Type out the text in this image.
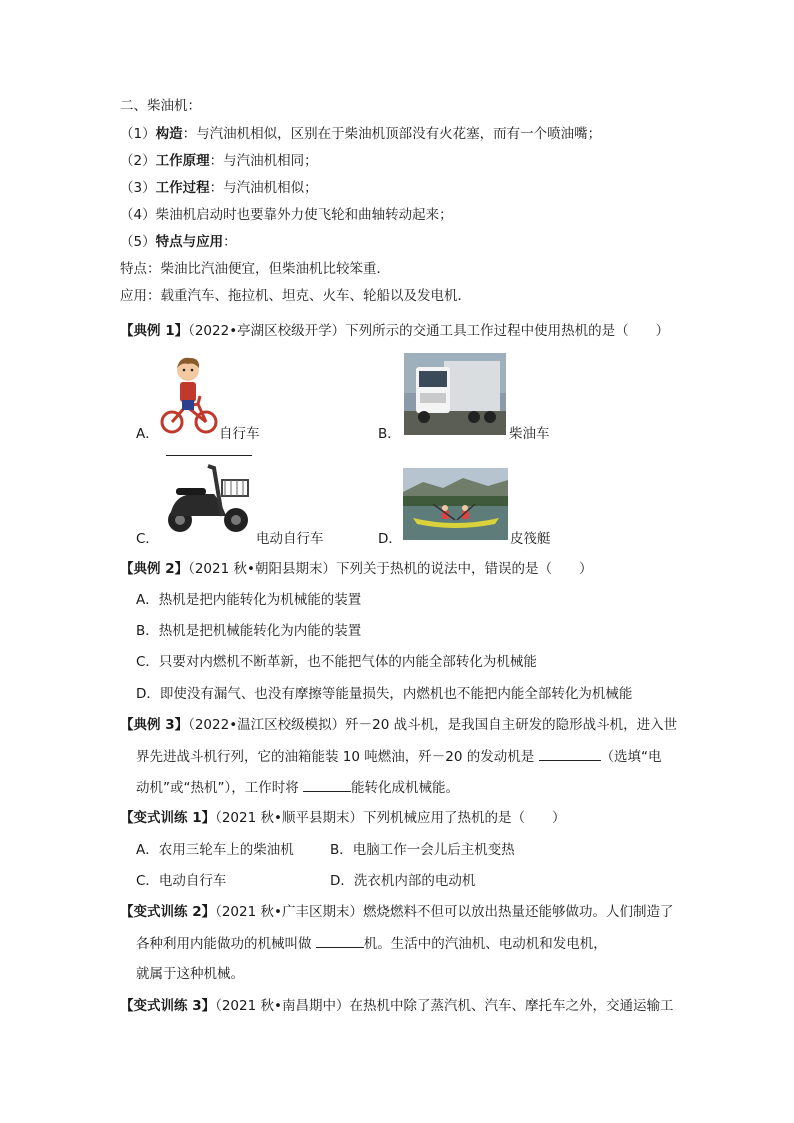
二、柴油机：
（1）构造：与汽油机相似，区别在于柴油机顶部没有火花塞，而有一个喷油嘴；
（2）工作原理：与汽油机相同；
（3）工作过程：与汽油机相似；
（4）柴油机启动时也要靠外力使飞轮和曲轴转动起来；
（5）特点与应用：
特点：柴油比汽油便宜，但柴油机比较笨重．
应用：载重汽车、拖拉机、坦克、火车、轮船以及发电机．
【典例 1】（2022•亭湖区校级开学）下列所示的交通工具工作过程中使用热机的是（　　）
A．	自行车	B．	柴油车
C．	电动自行车	D．	皮筏艇
【典例 2】（2021 秋•朝阳县期末）下列关于热机的说法中，错误的是（　　）
A．热机是把内能转化为机械能的装置
B．热机是把机械能转化为内能的装置
C．只要对内燃机不断革新，也不能把气体的内能全部转化为机械能
D．即使没有漏气、也没有摩擦等能量损失，内燃机也不能把内能全部转化为机械能
【典例 3】（2022•温江区校级模拟）歼－20 战斗机，是我国自主研发的隐形战斗机，进入世
界先进战斗机行列，它的油箱能装 10 吨燃油，歼－20 的发动机是	（选填“电
动机”或“热机”），工作时将	能转化成机械能。
【变式训练 1】（2021 秋•顺平县期末）下列机械应用了热机的是（　　）
A．农用三轮车上的柴油机	B．电脑工作一会儿后主机变热
C．电动自行车	D．洗衣机内部的电动机
【变式训练 2】（2021 秋•广丰区期末）燃烧燃料不但可以放出热量还能够做功。人们制造了
各种利用内能做功的机械叫做	机。生活中的汽油机、电动机和发电机，
就属于这种机械。
【变式训练 3】（2021 秋•南昌期中）在热机中除了蒸汽机、汽车、摩托车之外，交通运输工
